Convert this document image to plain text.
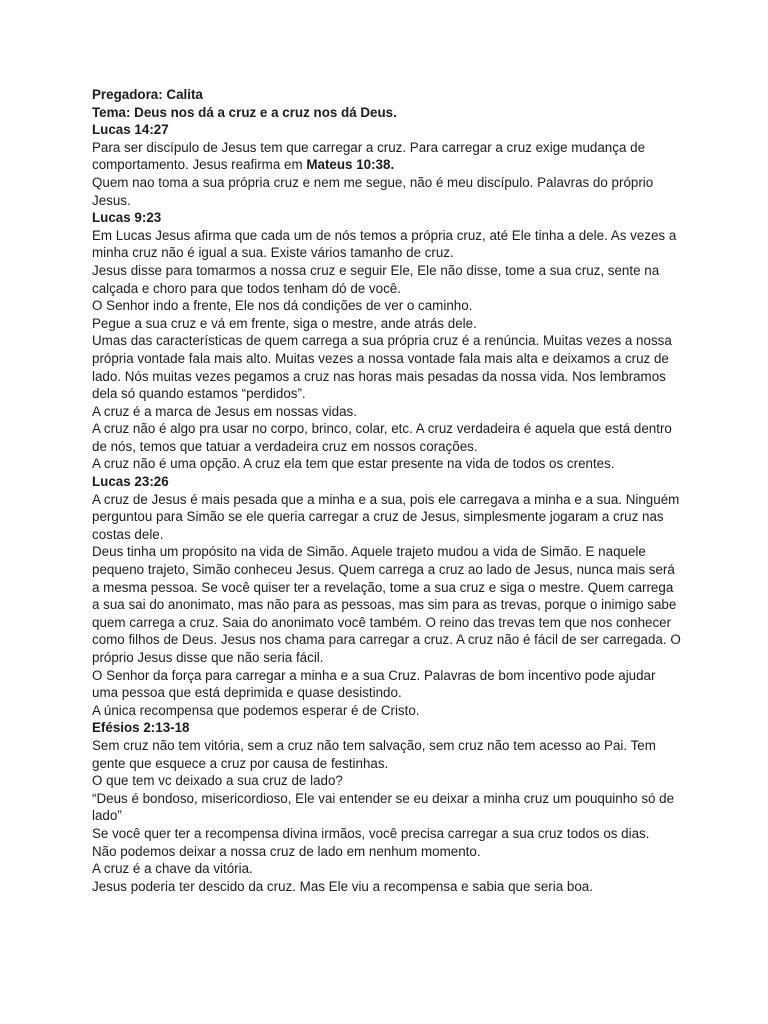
Pregadora: Calita

Tema: Deus nos dá a cruz e a cruz nos dá Deus.

Lucas 14:27

Para ser discípulo de Jesus tem que carregar a cruz. Para carregar a cruz exige mudança de comportamento. Jesus reafirma em Mateus 10:38.

Quem nao toma a sua própria cruz e nem me segue, não é meu discípulo. Palavras do próprio Jesus.

Lucas 9:23

Em Lucas Jesus afirma que cada um de nós temos a própria cruz, até Ele tinha a dele. As vezes a minha cruz não é igual a sua. Existe vários tamanho de cruz.

Jesus disse para tomarmos a nossa cruz e seguir Ele, Ele não disse, tome a sua cruz, sente na calçada e choro para que todos tenham dó de você.

O Senhor indo a frente, Ele nos dá condições de ver o caminho.

Pegue a sua cruz e vá em frente, siga o mestre, ande atrás dele.

Umas das características de quem carrega a sua própria cruz é a renúncia. Muitas vezes a nossa própria vontade fala mais alto. Muitas vezes a nossa vontade fala mais alta e deixamos a cruz de lado. Nós muitas vezes pegamos a cruz nas horas mais pesadas da nossa vida. Nos lembramos dela só quando estamos “perdidos”.

A cruz é a marca de Jesus em nossas vidas.

A cruz não é algo pra usar no corpo, brinco, colar, etc. A cruz verdadeira é aquela que está dentro de nós, temos que tatuar a verdadeira cruz em nossos corações.

A cruz não é uma opção. A cruz ela tem que estar presente na vida de todos os crentes.

Lucas 23:26

A cruz de Jesus é mais pesada que a minha e a sua, pois ele carregava a minha e a sua. Ninguém perguntou para Simão se ele queria carregar a cruz de Jesus, simplesmente jogaram a cruz nas costas dele.

Deus tinha um propósito na vida de Simão. Aquele trajeto mudou a vida de Simão. E naquele pequeno trajeto, Simão conheceu Jesus. Quem carrega a cruz ao lado de Jesus, nunca mais será a mesma pessoa. Se você quiser ter a revelação, tome a sua cruz e siga o mestre. Quem carrega a sua sai do anonimato, mas não para as pessoas, mas sim para as trevas, porque o inimigo sabe quem carrega a cruz. Saia do anonimato você também. O reino das trevas tem que nos conhecer como filhos de Deus. Jesus nos chama para carregar a cruz. A cruz não é fácil de ser carregada. O próprio Jesus disse que não seria fácil.

O Senhor da força para carregar a minha e a sua Cruz. Palavras de bom incentivo pode ajudar uma pessoa que está deprimida e quase desistindo.

A única recompensa que podemos esperar é de Cristo.

Efésios 2:13-18

Sem cruz não tem vitória, sem a cruz não tem salvação, sem cruz não tem acesso ao Pai. Tem gente que esquece a cruz por causa de festinhas.

O que tem vc deixado a sua cruz de lado?

“Deus é bondoso, misericordioso, Ele vai entender se eu deixar a minha cruz um pouquinho só de lado”

Se você quer ter a recompensa divina irmãos, você precisa carregar a sua cruz todos os dias.

Não podemos deixar a nossa cruz de lado em nenhum momento.

A cruz é a chave da vitória.

Jesus poderia ter descido da cruz. Mas Ele viu a recompensa e sabia que seria boa.
